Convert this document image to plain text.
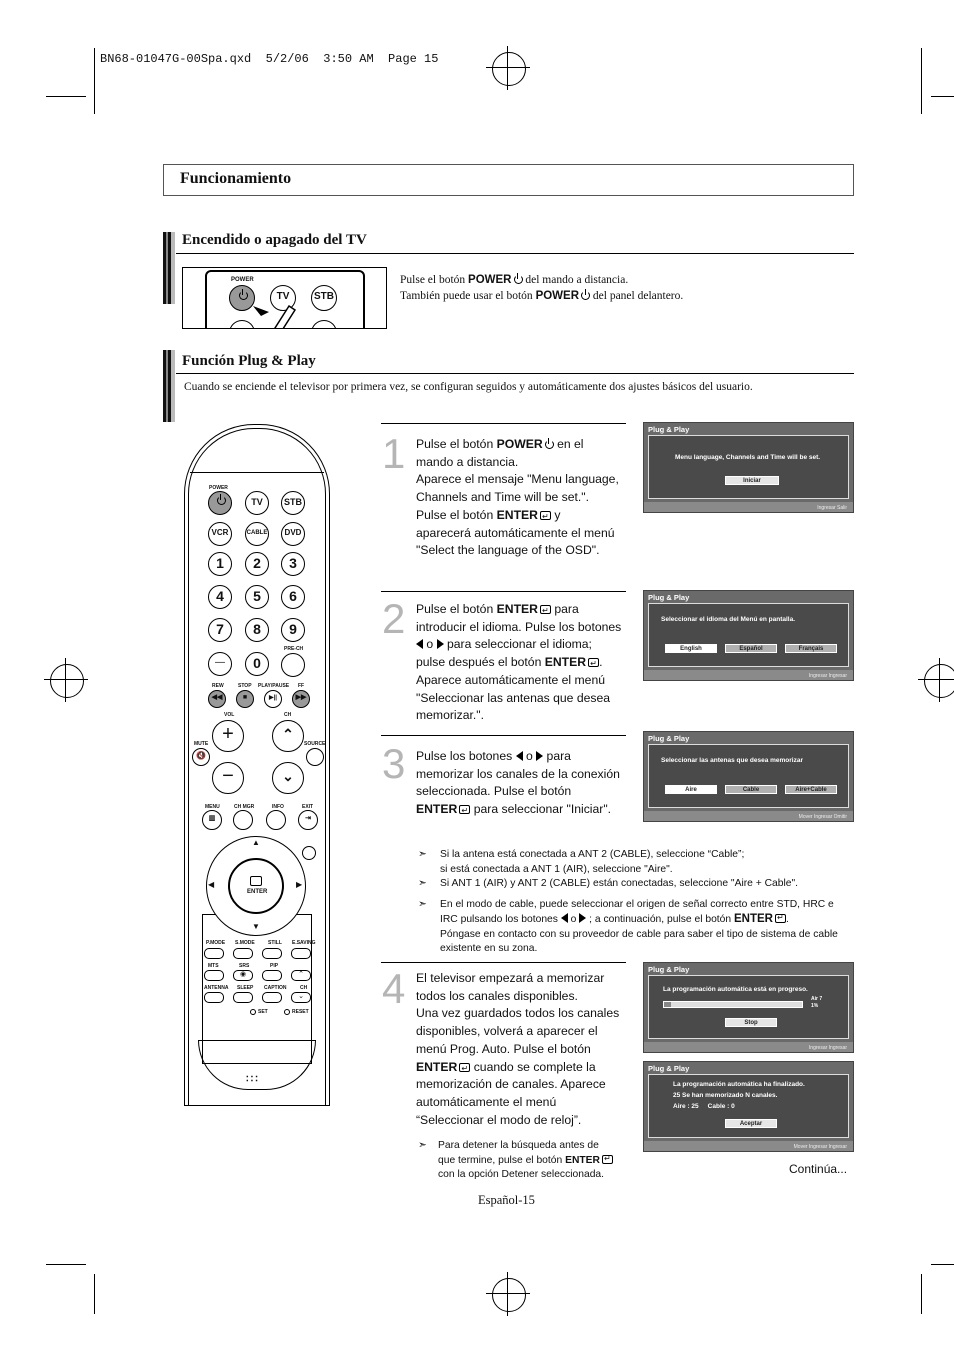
BN68-01047G-00Spa.qxd  5/2/06  3:50 AM  Page 15
Funcionamiento
Encendido o apagado del TV
POWER
TV	STB
Pulse el botón POWER del mando a distancia.
También puede usar el botón POWER del panel delantero.
Función Plug & Play
Cuando se enciende el televisor por primera vez, se configuran seguidos y automáticamente dos ajustes básicos del usuario.
POWER
TV	STB
VCR	CABLE	DVD
1	2	3
4	5	6
7	8	9
—	0
PRE-CH
REW	STOP PLAY/PAUSE FF
◀◀	■	▶||	▶▶
VOL	CH
+
−
⌃
⌄
MUTE
🔇
SOURCE
MENU	CH MGR	INFO	EXIT
▥	⇥
ENTER
▲
▼
◀	▶
P.MODE S.MODE	STILL E.SAVING
MTS	SRS	PIP
◉	⌃
ANTENNA SLEEP CAPTION	CH
⌄
SET	RESET
∶∶∶
1
2
3
4
Pulse el botón POWER en el
mando a distancia.
Aparece el mensaje "Menu language,
Channels and Time will be set.".
Pulse el botón ENTER↵ y
aparecerá automáticamente el menú
"Select the language of the OSD".
Pulse el botón ENTER↵ para
introducir el idioma. Pulse los botones
o  para seleccionar el idioma;
pulse después el botón ENTER ↵ .
Aparece automáticamente el menú
"Seleccionar las antenas que desea
memorizar.".
Pulse los botones  o  para
memorizar los canales de la conexión
seleccionada. Pulse el botón
ENTER↵ para seleccionar "Iniciar".
El televisor empezará a memorizar
todos los canales disponibles.
Una vez guardados todos los canales
disponibles, volverá a aparecer el
menú Prog. Auto. Pulse el botón
ENTER↵ cuando se complete la
memorización de canales. Aparece
automáticamente el menú
“Seleccionar el modo de reloj”.
➣ Si la antena está conectada a ANT 2 (CABLE), seleccione “Cable”;
si está conectada a ANT 1 (AIR), seleccione "Aire".
➣ Si ANT 1 (AIR) y ANT 2 (CABLE) están conectadas, seleccione "Aire + Cable".
➣ En el modo de cable, puede seleccionar el origen de señal correcto entre STD, HRC e
IRC pulsando los botones  o ; a continuación, pulse el botón ENTER ↵ .
Póngase en contacto con su proveedor de cable para saber el tipo de sistema de cable
existente en su zona.
➣ Para detener la búsqueda antes de
que termine, pulse el botón ENTER↵
con la opción Detener seleccionada.
Plug & Play
Menu language, Channels and Time will be set.
Iniciar
Ingresar Salir
Plug & Play
Seleccionar el idioma del Menú en pantalla.
English	Español	Français
Ingresar Ingresar
Plug & Play
Seleccionar las antenas que desea memorizar
Aire	Cable	Aire+Cable
Mover Ingresar Omitir
Plug & Play
La programación automática está en progreso.
Air 7
1%
Stop
Ingresar Ingresar
Plug & Play
La programación automática ha finalizado.
25 Se han memorizado N canales.
Aire : 25     Cable : 0
Aceptar
Mover Ingresar Ingresar
Continúa...
Español-15
